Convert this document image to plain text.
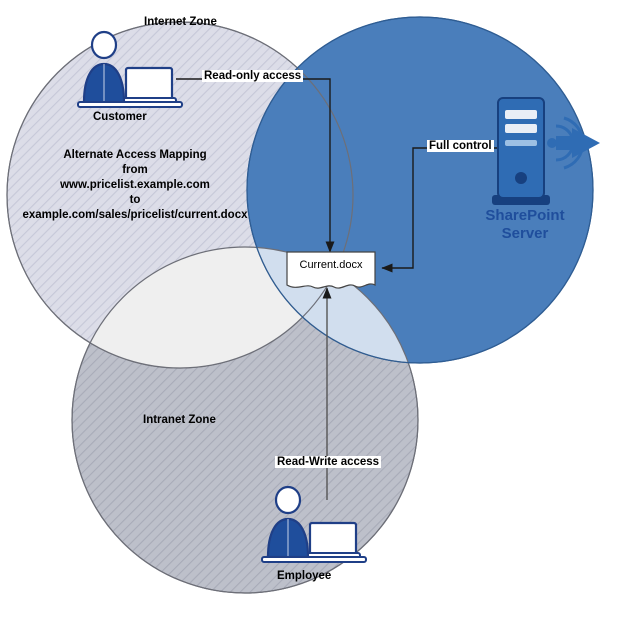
Internet Zone
Intranet Zone
Customer
Employee
Alternate Access Mapping
from
www.pricelist.example.com
to
example.com/sales/pricelist/current.docx
Read-only access
Full control
Read-Write access
SharePoint
Server
Current.docx
